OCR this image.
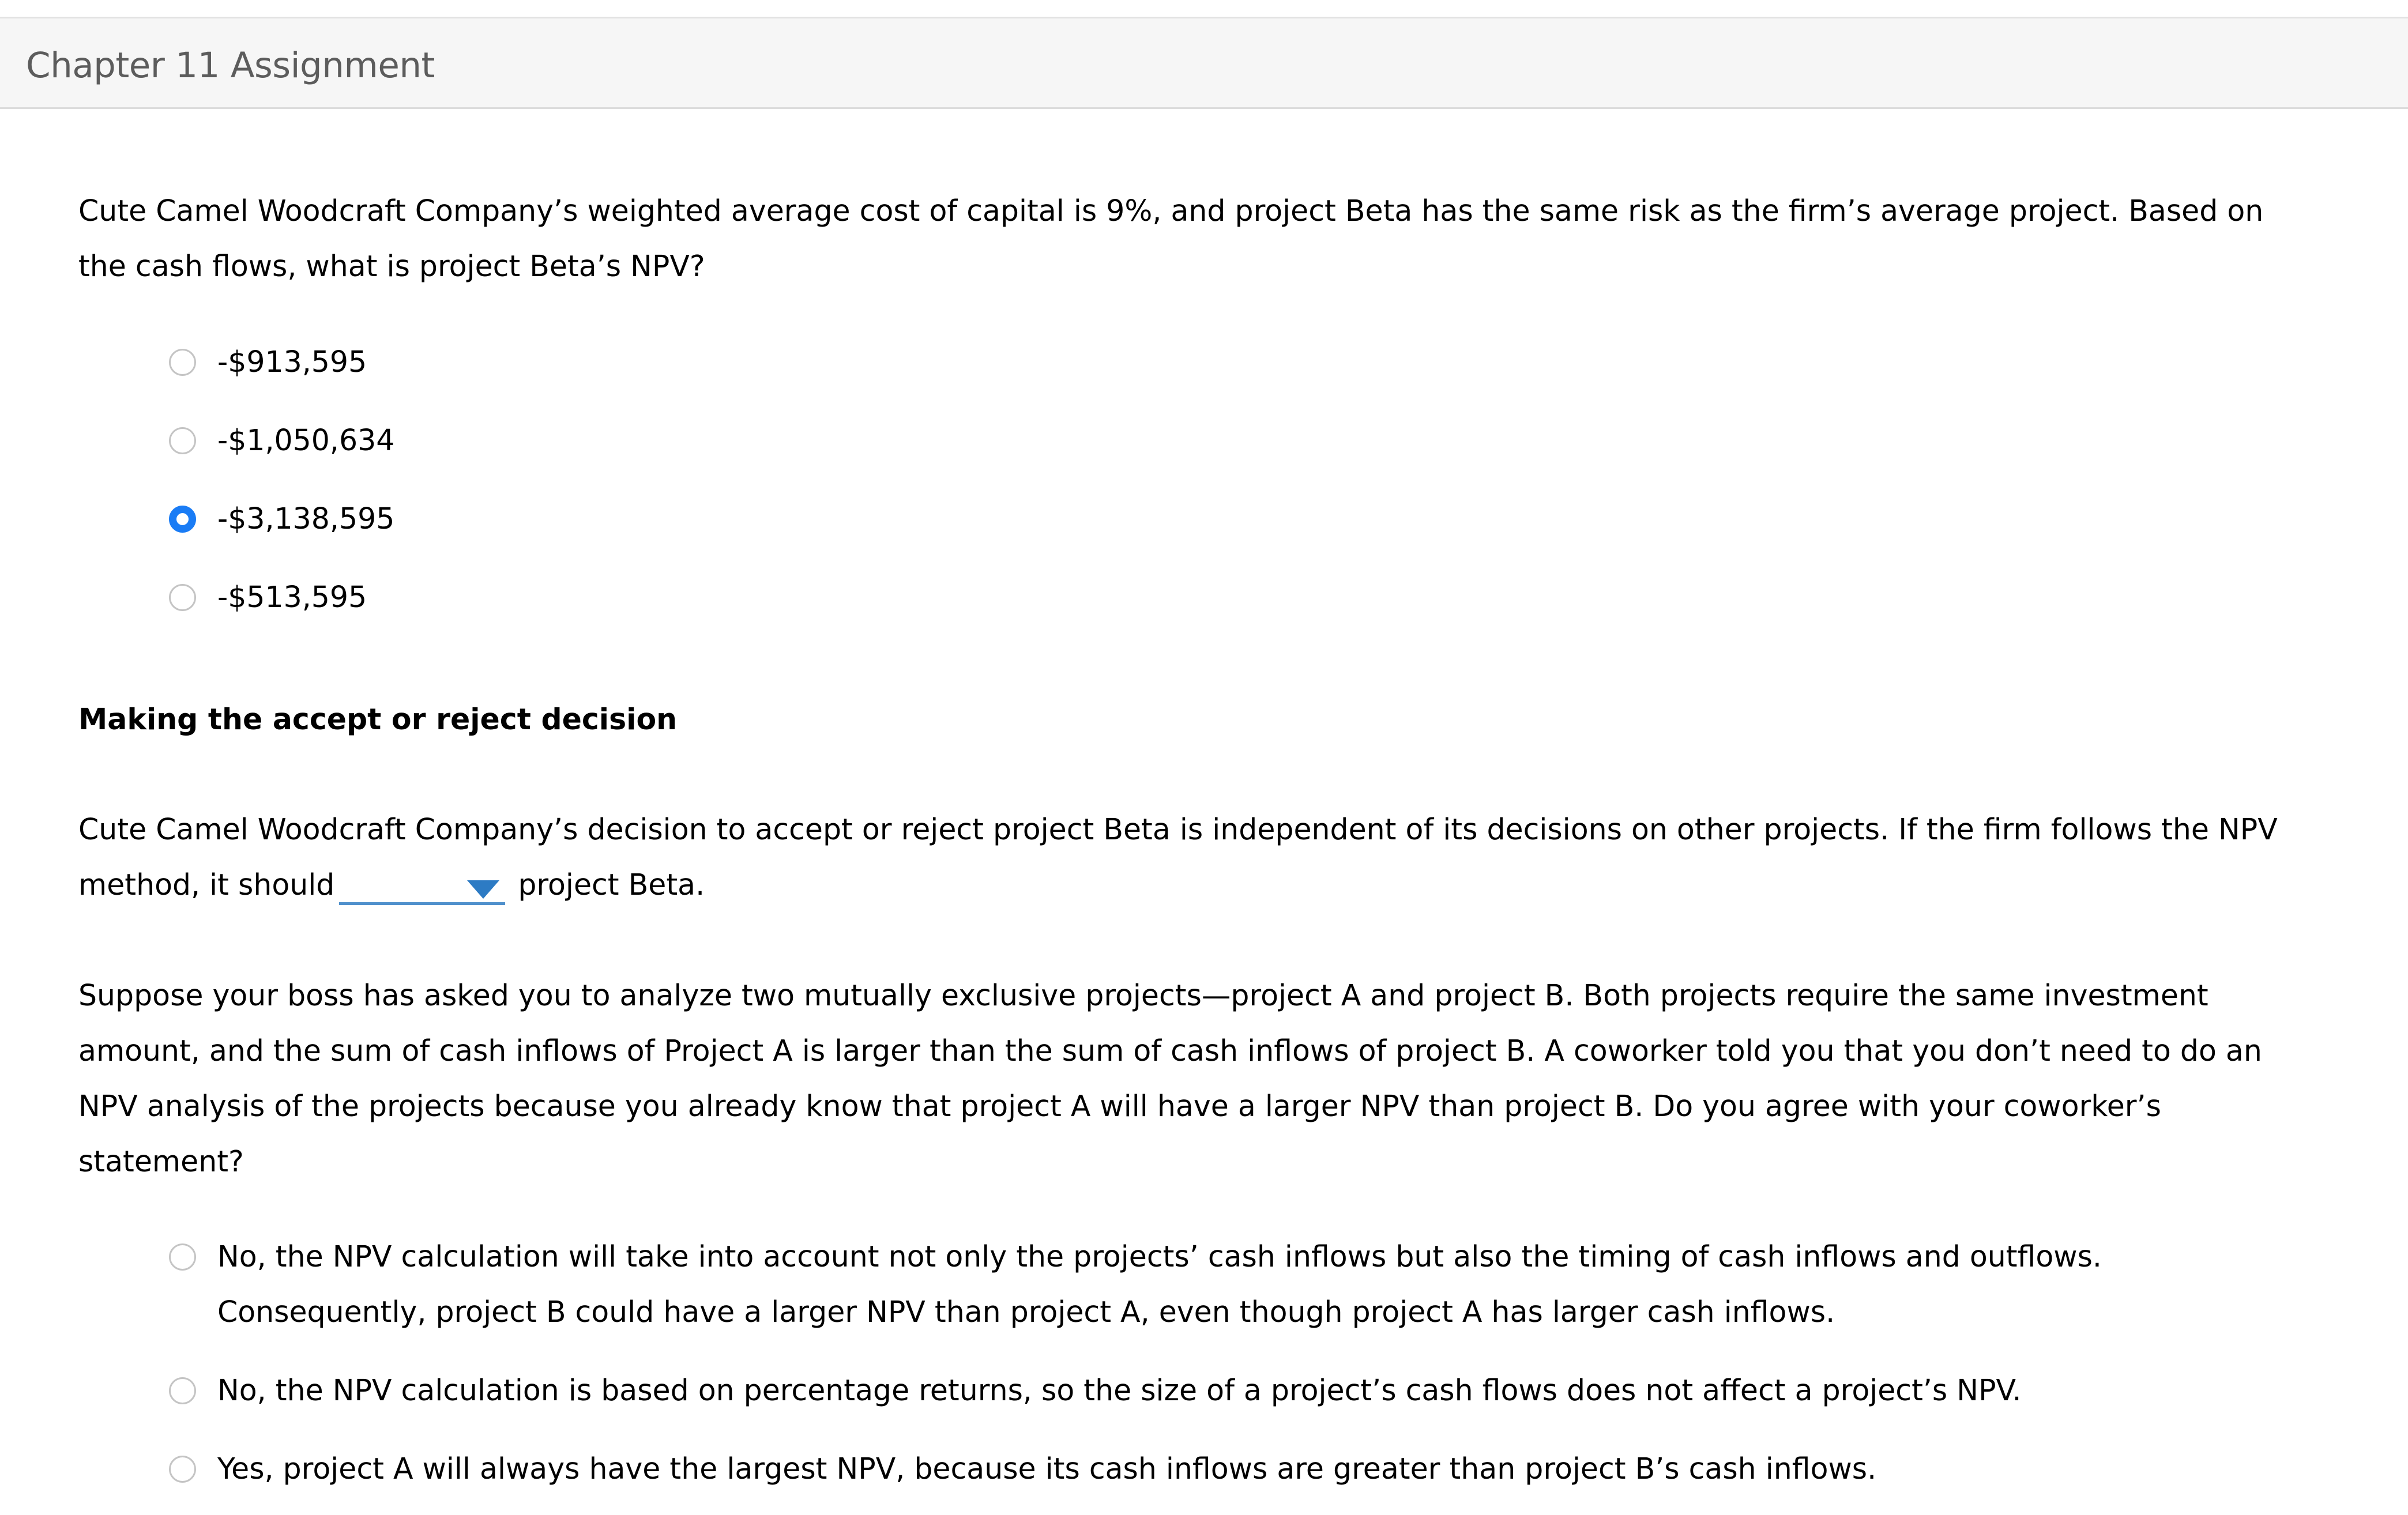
Chapter 11 Assignment

Cute Camel Woodcraft Company’s weighted average cost of capital is 9%, and project Beta has the same risk as the firm’s average project. Based on
the cash flows, what is project Beta’s NPV?

-$913,595
-$1,050,634
-$3,138,595
-$513,595
Making the accept or reject decision

Cute Camel Woodcraft Company’s decision to accept or reject project Beta is independent of its decisions on other projects. If the firm follows the NPV
method, it should	project Beta.

Suppose your boss has asked you to analyze two mutually exclusive projects—project A and project B. Both projects require the same investment
amount, and the sum of cash inflows of Project A is larger than the sum of cash inflows of project B. A coworker told you that you don’t need to do an
NPV analysis of the projects because you already know that project A will have a larger NPV than project B. Do you agree with your coworker’s
statement?

No, the NPV calculation will take into account not only the projects’ cash inflows but also the timing of cash inflows and outflows.
Consequently, project B could have a larger NPV than project A, even though project A has larger cash inflows.
No, the NPV calculation is based on percentage returns, so the size of a project’s cash flows does not affect a project’s NPV.
Yes, project A will always have the largest NPV, because its cash inflows are greater than project B’s cash inflows.
